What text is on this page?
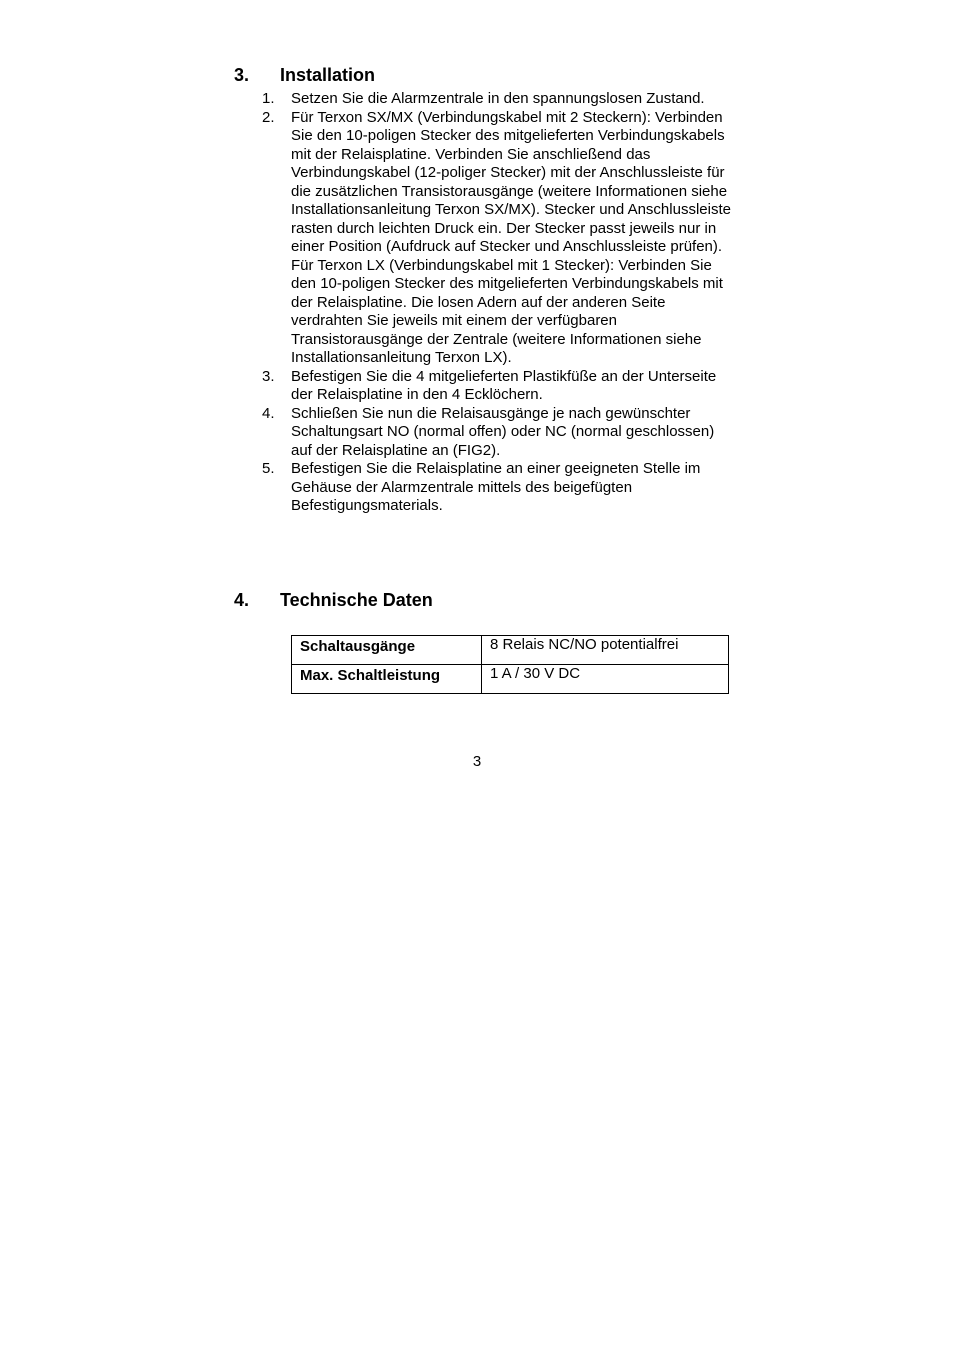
3. Installation
1. Setzen Sie die Alarmzentrale in den spannungslosen Zustand.

2. Für Terxon SX/MX (Verbindungskabel mit 2 Steckern): Verbinden Sie den 10-poligen Stecker des mitgelieferten Verbindungskabels mit der Relaisplatine. Verbinden Sie anschließend das Verbindungskabel (12-poliger Stecker) mit der Anschlussleiste für die zusätzlichen Transistorausgänge (weitere Informationen siehe Installationsanleitung Terxon SX/MX). Stecker und Anschlussleiste rasten durch leichten Druck ein. Der Stecker passt jeweils nur in einer Position (Aufdruck auf Stecker und Anschlussleiste prüfen).

Für Terxon LX (Verbindungskabel mit 1 Stecker): Verbinden Sie den 10-poligen Stecker des mitgelieferten Verbindungskabels mit der Relaisplatine. Die losen Adern auf der anderen Seite verdrahten Sie jeweils mit einem der verfügbaren Transistorausgänge der Zentrale (weitere Informationen siehe Installationsanleitung Terxon LX).

3. Befestigen Sie die 4 mitgelieferten Plastikfüße an der Unterseite der Relaisplatine in den 4 Ecklöchern.

4. Schließen Sie nun die Relaisausgänge je nach gewünschter Schaltungsart NO (normal offen) oder NC (normal geschlossen) auf der Relaisplatine an (FIG2).

5. Befestigen Sie die Relaisplatine an einer geeigneten Stelle im Gehäuse der Alarmzentrale mittels des beigefügten Befestigungsmaterials.

4. Technische Daten
Schaltausgänge	8 Relais NC/NO potentialfrei
Max. Schaltleistung	1 A / 30 V DC
3
